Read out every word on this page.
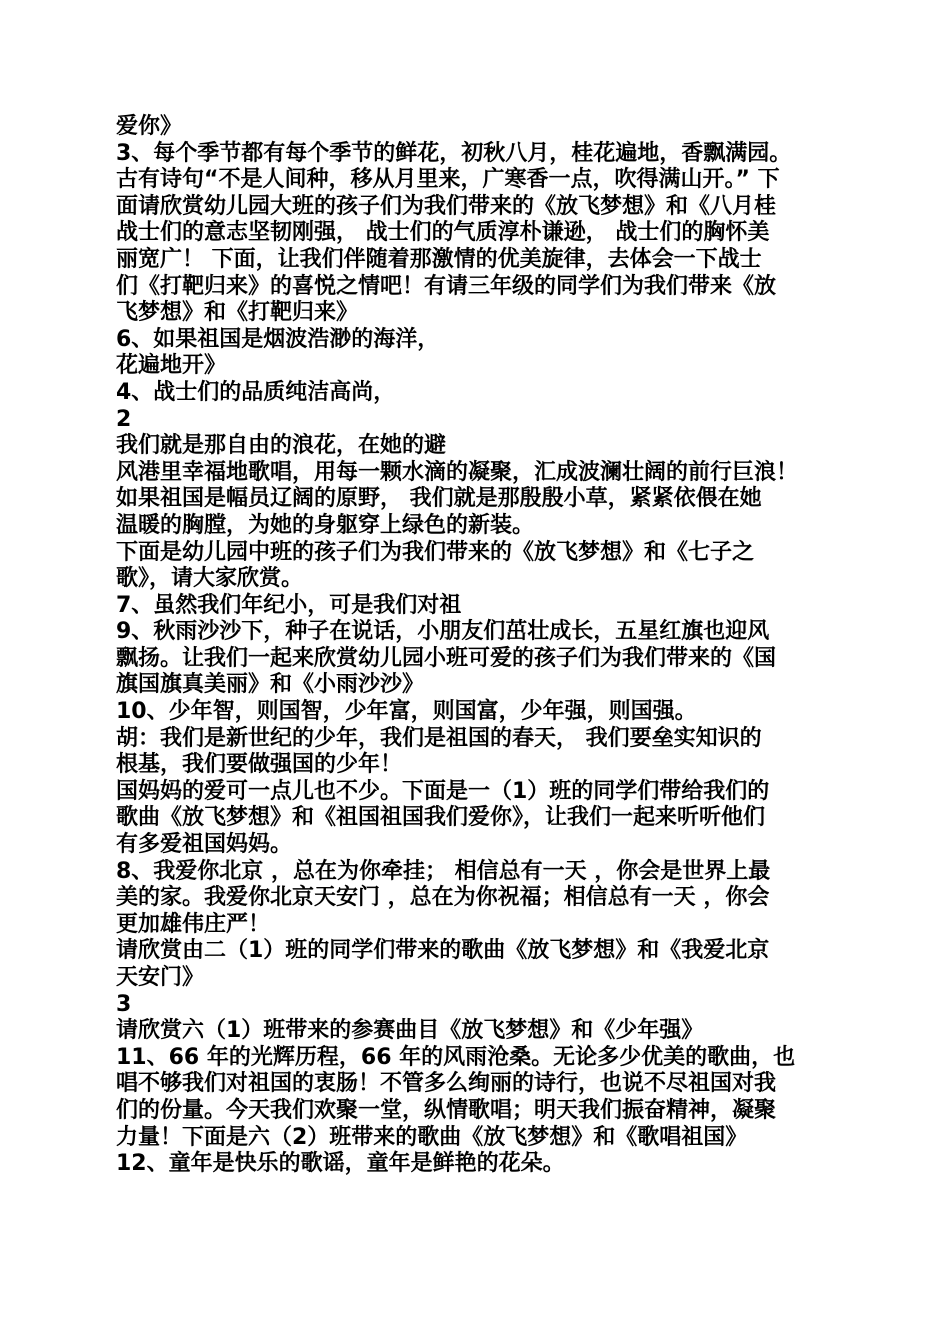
爱你》
3、每个季节都有每个季节的鲜花，初秋八月，桂花遍地，香飘满园。
古有诗句“不是人间种，移从月里来，广寒香一点，吹得满山开。” 下
面请欣赏幼儿园大班的孩子们为我们带来的《放飞梦想》和《八月桂
战士们的意志坚韧刚强， 战士们的气质淳朴谦逊， 战士们的胸怀美
丽宽广！ 下面，让我们伴随着那激情的优美旋律，去体会一下战士
们《打靶归来》的喜悦之情吧！有请三年级的同学们为我们带来《放
飞梦想》和《打靶归来》
6、如果祖国是烟波浩渺的海洋，
花遍地开》
4、战士们的品质纯洁高尚，
2
我们就是那自由的浪花，在她的避
风港里幸福地歌唱，用每一颗水滴的凝聚，汇成波澜壮阔的前行巨浪！
如果祖国是幅员辽阔的原野， 我们就是那殷殷小草，紧紧依偎在她
温暖的胸膛，为她的身躯穿上绿色的新装。
下面是幼儿园中班的孩子们为我们带来的《放飞梦想》和《七子之
歌》，请大家欣赏。
7、虽然我们年纪小，可是我们对祖
9、秋雨沙沙下，种子在说话，小朋友们茁壮成长，五星红旗也迎风
飘扬。让我们一起来欣赏幼儿园小班可爱的孩子们为我们带来的《国
旗国旗真美丽》和《小雨沙沙》
10、少年智，则国智，少年富，则国富，少年强，则国强。
胡：我们是新世纪的少年，我们是祖国的春天， 我们要垒实知识的
根基，我们要做强国的少年！
国妈妈的爱可一点儿也不少。下面是一（1）班的同学们带给我们的
歌曲《放飞梦想》和《祖国祖国我们爱你》，让我们一起来听听他们
有多爱祖国妈妈。
8、我爱你北京 ，总在为你牵挂； 相信总有一天 ，你会是世界上最
美的家。我爱你北京天安门 ，总在为你祝福；相信总有一天 ，你会
更加雄伟庄严！
请欣赏由二（1）班的同学们带来的歌曲《放飞梦想》和《我爱北京
天安门》
3
请欣赏六（1）班带来的参赛曲目《放飞梦想》和《少年强》
11、66 年的光辉历程，66 年的风雨沧桑。无论多少优美的歌曲，也
唱不够我们对祖国的衷肠！不管多么绚丽的诗行，也说不尽祖国对我
们的份量。今天我们欢聚一堂，纵情歌唱；明天我们振奋精神，凝聚
力量！下面是六（2）班带来的歌曲《放飞梦想》和《歌唱祖国》
12、童年是快乐的歌谣，童年是鲜艳的花朵。
